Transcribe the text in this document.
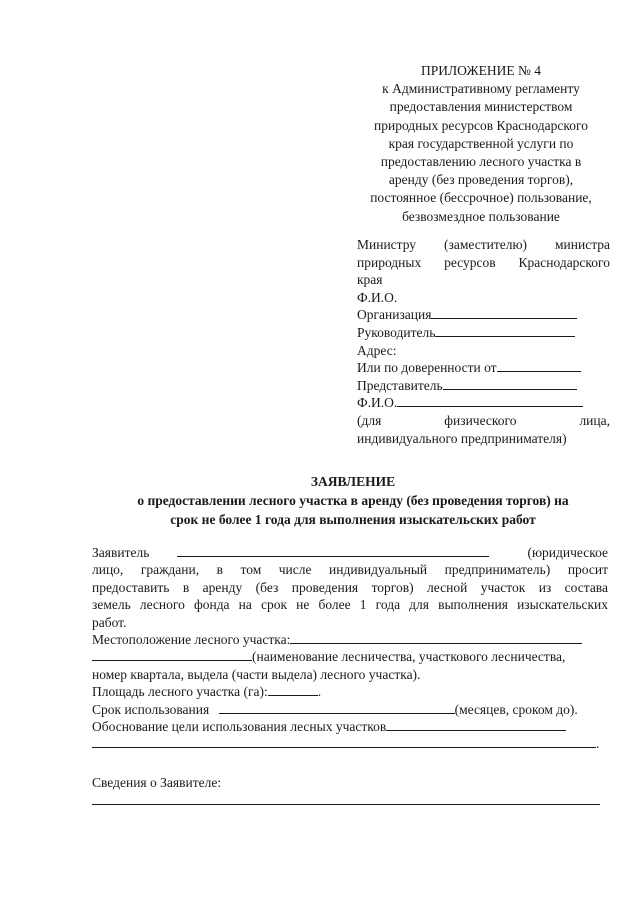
ПРИЛОЖЕНИЕ № 4
к Административному регламенту
предоставления министерством
природных ресурсов Краснодарского
края государственной услуги по
предоставлению лесного участка в
аренду (без проведения торгов),
постоянное (бессрочное) пользование,
безвозмездное пользование
Министру (заместителю) министра
природных ресурсов Краснодарского
края
Ф.И.О.
Организация
Руководитель
Адрес:
Или по доверенности от
Представитель
Ф.И.О.
(для физического лица,
индивидуального предпринимателя)
ЗАЯВЛЕНИЕ
о предоставлении лесного участка в аренду (без проведения торгов) на
срок не более 1 года для выполнения изыскательских работ
Заявитель	(юридическое
лицо, граждани, в том числе индивидуальный предприниматель) просит
предоставить в аренду (без проведения торгов) лесной участок из состава
земель лесного фонда на срок не более 1 года для выполнения изыскательских
работ.
Местоположение лесного участка:
(наименование лесничества, участкового лесничества,
номер квартала, выдела (части выдела) лесного участка).
Площадь лесного участка (га):	.
Срок использования	(месяцев, сроком до).
Обоснование цели использования лесных участков
.
Сведения о Заявителе:
